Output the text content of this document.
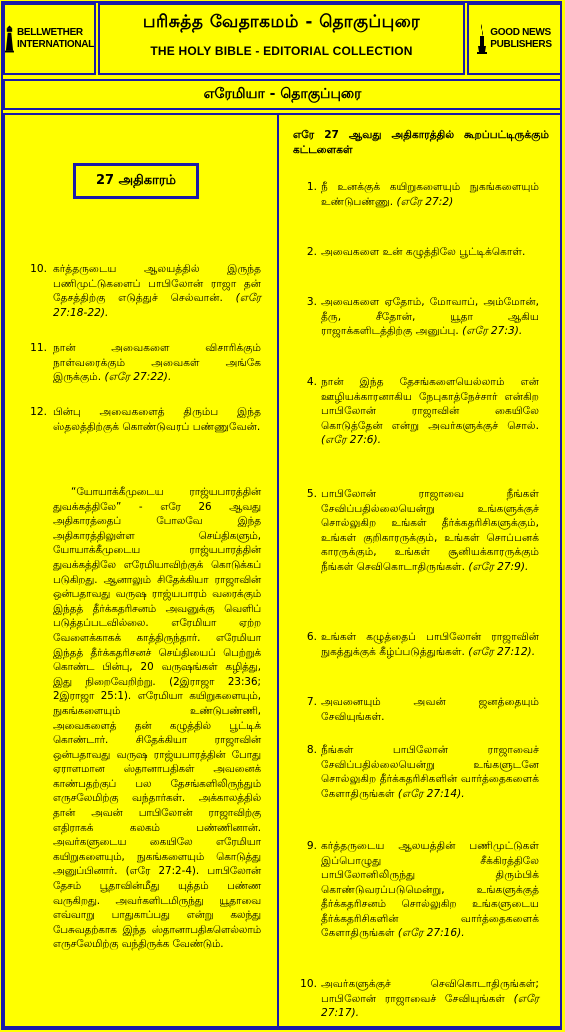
BELLWETHER
INTERNATIONAL
பரிசுத்த வேதாகமம் - தொகுப்புரை
THE HOLY BIBLE - EDITORIAL COLLECTION
GOOD NEWS
PUBLISHERS
எரேமியா - தொகுப்புரை
27 அதிகாரம்
10. கர்த்தருடைய ஆலயத்தில் இருந்த பணிமுட்டுகளைப் பாபிலோன் ராஜா தன் தேசத்திற்கு எடுத்துச் செல்வான். (எரே 27:18-22).
11. நான் அவைகளை விசாரிக்கும் நாள்வரைக்கும் அவைகள் அங்கே இருக்கும். (எரே 27:22).
12. பின்பு அவைகளைத் திரும்ப இந்த ஸ்தலத்திற்குக் கொண்டுவரப் பண்ணுவேன்.
“யோயாக்கீமுடைய ராஜ்யபாரத்தின் துவக்கத்திலே” - எரே 26 ஆவது அதிகாரத்தைப் போலவே இந்த அதிகாரத்திலுள்ள செய்திகளும், யோயாக்கீமுடைய ராஜ்யபாரத்தின் துவக்கத்திலே எரேமியாவிற்குக் கொடுக்கப் படுகிறது. ஆனாலும் சிதேக்கியா ராஜாவின் ஒன்பதாவது வருஷ ராஜ்யபாரம் வரைக்கும் இந்தத் தீர்க்கதரிசனம் அவனுக்கு வெளிப் படுத்தப்படவில்லை. எரேமியா ஏற்ற வேளைக்காகக் காத்திருந்தார். எரேமியா இந்தத் தீர்க்கதரிசனச் செய்தியைப் பெற்றுக் கொண்ட பின்பு, 20 வருஷங்கள் கழித்து, இது நிறைவேறிற்று. (2இராஜா 23:36; 2இராஜா 25:1). எரேமியா கயிறுகளையும், நுகங்களையும் உண்டுபண்ணி, அவைகளைத் தன் கழுத்தில் பூட்டிக் கொண்டார். சிதேக்கியா ராஜாவின் ஒன்பதாவது வருஷ ராஜ்யபாரத்தின் போது ஏராளமான ஸ்தானாபதிகள் அவனைக் காண்பதற்குப் பல தேசங்களிலிருந்தும் எருசலேமிற்கு வந்தார்கள். அக்காலத்தில் தான் அவன் பாபிலோன் ராஜாவிற்கு எதிராகக் கலகம் பண்ணினான். அவர்களுடைய கையிலே எரேமியா கயிறுகளையும், நுகங்களையும் கொடுத்து அனுப்பினார். (எரே 27:2-4). பாபிலோன் தேசம் பூதாவின்மீது யுத்தம் பண்ண வருகிறது. அவர்களிடமிருந்து யூதாவை எவ்வாறு பாதுகாப்பது என்று கலந்து பேசுவதற்காக இந்த ஸ்தானாபதிகளெல்லாம் எருசலேமிற்கு வந்திருக்க வேண்டும்.
எரே 27 ஆவது அதிகாரத்தில் கூறப்பட்டிருக்கும் கட்டளைகள்
1. நீ உனக்குக் கயிறுகளையும் நுகங்களையும் உண்டுபண்ணு. (எரே 27:2)
2. அவைகளை உன் கழுத்திலே பூட்டிக்கொள்.
3. அவைகளை ஏதோம், மோவாப், அம்மோன், தீரு, சீதோன், யூதா ஆகிய ராஜாக்களிடத்திற்கு அனுப்பு. (எரே 27:3).
4. நான் இந்த தேசங்களையெல்லாம் என் ஊழியக்காரனாகிய நேபுகாத்நேச்சார் என்கிற பாபிலோன் ராஜாவின் கையிலே கொடுத்தேன் என்று அவர்களுக்குச் சொல். (எரே 27:6).
5. பாபிலோன் ராஜாவை நீங்கள் சேவிப்பதில்லையென்று உங்களுக்குச் சொல்லுகிற உங்கள் தீர்க்கதரிசிகளுக்கும், உங்கள் குறிகாரருக்கும், உங்கள் சொப்பனக் காரருக்கும், உங்கள் சூனியக்காரருக்கும் நீங்கள் செவிகொடாதிருங்கள். (எரே 27:9).
6. உங்கள் கழுத்தைப் பாபிலோன் ராஜாவின் நுகத்துக்குக் கீழ்ப்படுத்துங்கள். (எரே 27:12).
7. அவனையும் அவன் ஜனத்தையும் சேவியுங்கள்.
8. நீங்கள் பாபிலோன் ராஜாவைச் சேவிப்பதில்லையென்று உங்களுடனே சொல்லுகிற தீர்க்கதரிசிகளின் வார்த்தைகளைக் கேளாதிருங்கள் (எரே 27:14).
9. கர்த்தருடைய ஆலயத்தின் பணிமுட்டுகள் இப்பொழுது சீக்கிரத்திலே பாபிலோனிலிருந்து திரும்பிக் கொண்டுவரப்படுமென்று, உங்களுக்குத் தீர்க்கதரிசனம் சொல்லுகிற உங்களுடைய தீர்க்கதரிசிகளின் வார்த்தைகளைக் கேளாதிருங்கள் (எரே 27:16).
10. அவர்களுக்குச் செவிகொடாதிருங்கள்; பாபிலோன் ராஜாவைச் சேவியுங்கள் (எரே 27:17).
